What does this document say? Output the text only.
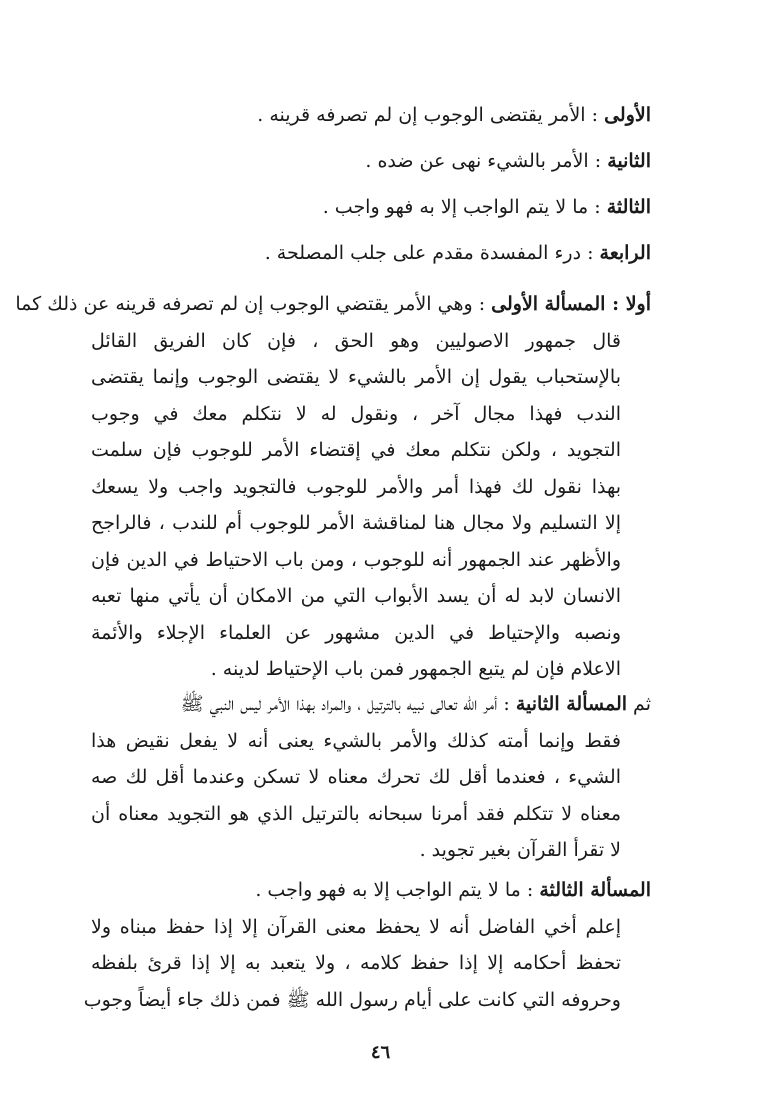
الأولى : الأمر يقتضى الوجوب إن لم تصرفه قرينه .
الثانية : الأمر بالشيء نهى عن ضده .
الثالثة : ما لا يتم الواجب إلا به فهو واجب .
الرابعة : درء المفسدة مقدم على جلب المصلحة .
أولا : المسألة الأولى : وهي الأمر يقتضي الوجوب إن لم تصرفه قرينه عن ذلك كما
قال جمهور الاصوليين وهو الحق ، فإن كان الفريق القائل
بالإستحباب يقول إن الأمر بالشيء لا يقتضى الوجوب وإنما يقتضى
الندب فهذا مجال آخر ، ونقول له لا نتكلم معك في وجوب
التجويد ، ولكن نتكلم معك في إقتضاء الأمر للوجوب فإن سلمت
بهذا نقول لك فهذا أمر والأمر للوجوب فالتجويد واجب ولا يسعك
إلا التسليم ولا مجال هنا لمناقشة الأمر للوجوب أم للندب ، فالراجح
والأظهر عند الجمهور أنه للوجوب ، ومن باب الاحتياط في الدين فإن
الانسان لابد له أن يسد الأبواب التي من الامكان أن يأتي منها تعبه
ونصبه والإحتياط في الدين مشهور عن العلماء الإجلاء والأئمة
الاعلام فإن لم يتبع الجمهور فمن باب الإحتياط لدينه .
ثم المسألة الثانية : أمر الله تعالى نبيه بالترتيل ، والمراد بهذا الأمر ليس النبي ﷺ
فقط وإنما أمته كذلك والأمر بالشيء يعنى أنه لا يفعل نقيض هذا
الشيء ، فعندما أقل لك تحرك معناه لا تسكن وعندما أقل لك صه
معناه لا تتكلم فقد أمرنا سبحانه بالترتيل الذي هو التجويد معناه أن
لا تقرأ القرآن بغير تجويد .
المسألة الثالثة : ما لا يتم الواجب إلا به فهو واجب .
إعلم أخي الفاضل أنه لا يحفظ معنى القرآن إلا إذا حفظ مبناه ولا
تحفظ أحكامه إلا إذا حفظ كلامه ، ولا يتعبد به إلا إذا قرئ بلفظه
وحروفه التي كانت على أيام رسول الله ﷺ فمن ذلك جاء أيضاً وجوب
٤٦
